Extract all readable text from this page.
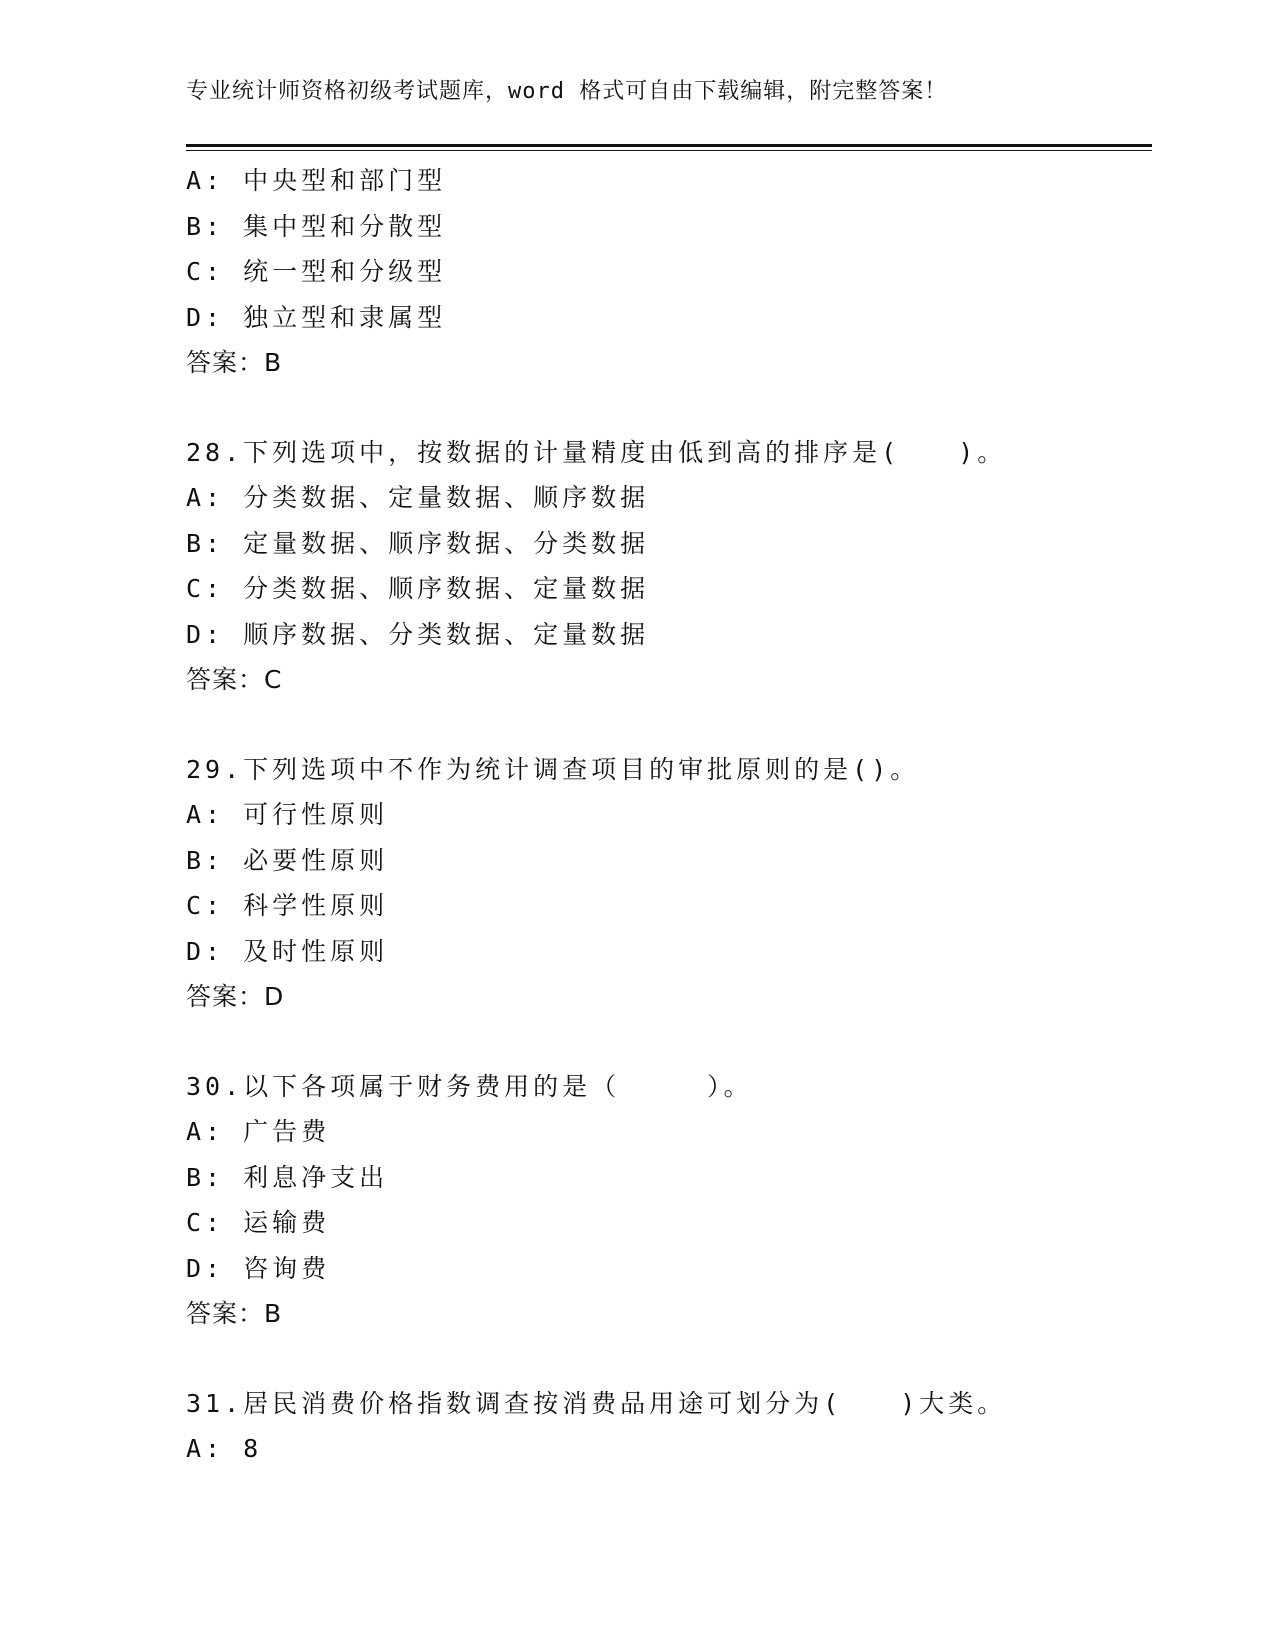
专业统计师资格初级考试题库，word 格式可自由下载编辑，附完整答案！
A: 中央型和部门型
B: 集中型和分散型
C: 统一型和分级型
D: 独立型和隶属型
答案：B
28.下列选项中，按数据的计量精度由低到高的排序是(　　)。
A: 分类数据、定量数据、顺序数据
B: 定量数据、顺序数据、分类数据
C: 分类数据、顺序数据、定量数据
D: 顺序数据、分类数据、定量数据
答案：C
29.下列选项中不作为统计调查项目的审批原则的是()。
A: 可行性原则
B: 必要性原则
C: 科学性原则
D: 及时性原则
答案：D
30.以下各项属于财务费用的是（　　　）。
A: 广告费
B: 利息净支出
C: 运输费
D: 咨询费
答案：B
31.居民消费价格指数调查按消费品用途可划分为(　　)大类。
A: 8
